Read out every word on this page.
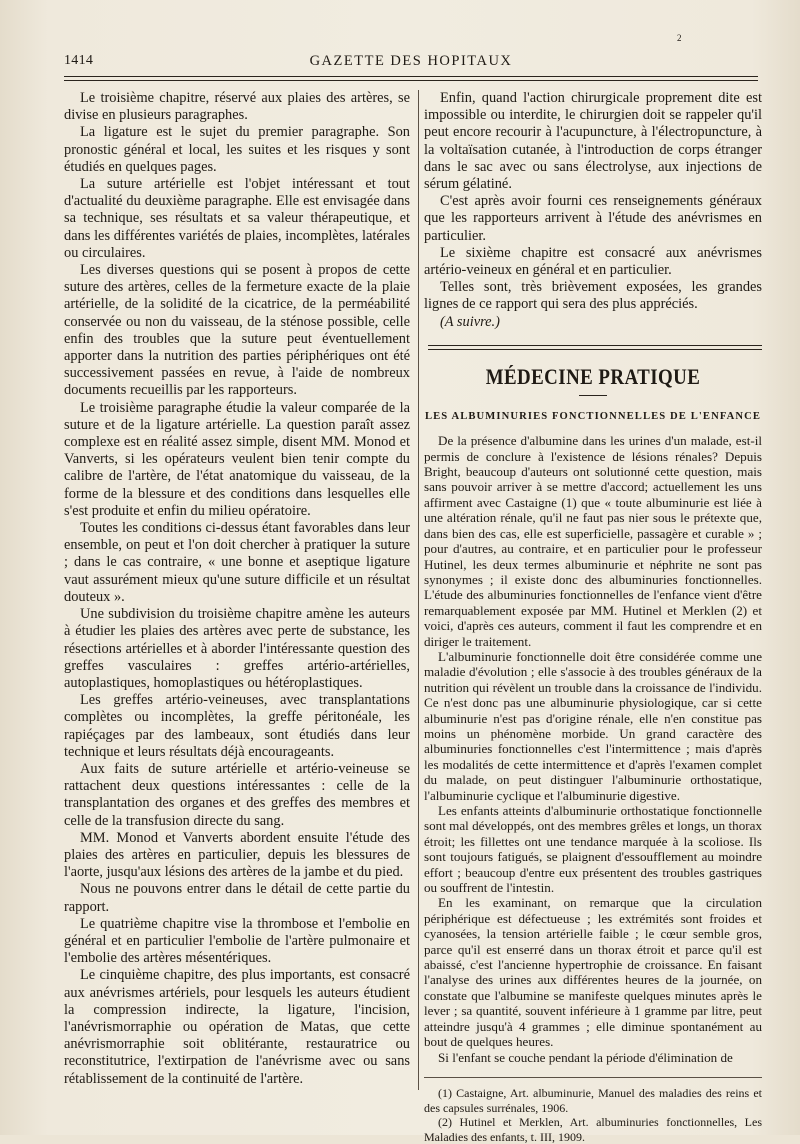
2
1414	GAZETTE DES HOPITAUX

Le troisième chapitre, réservé aux plaies des artères, se divise en plusieurs paragraphes.

La ligature est le sujet du premier paragraphe. Son pronostic général et local, les suites et les risques y sont étudiés en quelques pages.

La suture artérielle est l'objet intéressant et tout d'actualité du deuxième paragraphe. Elle est envisagée dans sa technique, ses résultats et sa valeur thérapeutique, et dans les différentes variétés de plaies, incomplètes, latérales ou circulaires.

Les diverses questions qui se posent à propos de cette suture des artères, celles de la fermeture exacte de la plaie artérielle, de la solidité de la cicatrice, de la perméabilité conservée ou non du vaisseau, de la sténose possible, celle enfin des troubles que la suture peut éventuellement apporter dans la nutrition des parties périphériques ont été successivement passées en revue, à l'aide de nombreux documents recueillis par les rapporteurs.

Le troisième paragraphe étudie la valeur comparée de la suture et de la ligature artérielle. La question paraît assez complexe est en réalité assez simple, disent MM. Monod et Vanverts, si les opérateurs veulent bien tenir compte du calibre de l'artère, de l'état anatomique du vaisseau, de la forme de la blessure et des conditions dans lesquelles elle s'est produite et enfin du milieu opératoire.

Toutes les conditions ci-dessus étant favorables dans leur ensemble, on peut et l'on doit chercher à pratiquer la suture ; dans le cas contraire, « une bonne et aseptique ligature vaut assurément mieux qu'une suture difficile et un résultat douteux ».

Une subdivision du troisième chapitre amène les auteurs à étudier les plaies des artères avec perte de substance, les résections artérielles et à aborder l'intéressante question des greffes vasculaires : greffes artério-artérielles, autoplastiques, homoplastiques ou hétéroplastiques.

Les greffes artério-veineuses, avec transplantations complètes ou incomplètes, la greffe péritonéale, les rapiéçages par des lambeaux, sont étudiés dans leur technique et leurs résultats déjà encourageants.

Aux faits de suture artérielle et artério-veineuse se rattachent deux questions intéressantes : celle de la transplantation des organes et des greffes des membres et celle de la transfusion directe du sang.

MM. Monod et Vanverts abordent ensuite l'étude des plaies des artères en particulier, depuis les blessures de l'aorte, jusqu'aux lésions des artères de la jambe et du pied.

Nous ne pouvons entrer dans le détail de cette partie du rapport.

Le quatrième chapitre vise la thrombose et l'embolie en général et en particulier l'embolie de l'artère pulmonaire et l'embolie des artères mésentériques.

Le cinquième chapitre, des plus importants, est consacré aux anévrismes artériels, pour lesquels les auteurs étudient la compression indirecte, la ligature, l'incision, l'anévrismorraphie ou opération de Matas, que cette anévrismorraphie soit oblitérante, restauratrice ou reconstitutrice, l'extirpation de l'anévrisme avec ou sans rétablissement de la continuité de l'artère.

Enfin, quand l'action chirurgicale proprement dite est impossible ou interdite, le chirurgien doit se rappeler qu'il peut encore recourir à l'acupuncture, à l'électropuncture, à la voltaïsation cutanée, à l'introduction de corps étranger dans le sac avec ou sans électrolyse, aux injections de sérum gélatiné.

C'est après avoir fourni ces renseignements généraux que les rapporteurs arrivent à l'étude des anévrismes en particulier.

Le sixième chapitre est consacré aux anévrismes artério-veineux en général et en particulier.

Telles sont, très brièvement exposées, les grandes lignes de ce rapport qui sera des plus appréciés.

(A suivre.)

MÉDECINE PRATIQUE
LES ALBUMINURIES FONCTIONNELLES DE L'ENFANCE

De la présence d'albumine dans les urines d'un malade, est-il permis de conclure à l'existence de lésions rénales? Depuis Bright, beaucoup d'auteurs ont solutionné cette question, mais sans pouvoir arriver à se mettre d'accord; actuellement les uns affirment avec Castaigne (1) que « toute albuminurie est liée à une altération rénale, qu'il ne faut pas nier sous le prétexte que, dans bien des cas, elle est superficielle, passagère et curable » ; pour d'autres, au contraire, et en particulier pour le professeur Hutinel, les deux termes albuminurie et néphrite ne sont pas synonymes ; il existe donc des albuminuries fonctionnelles. L'étude des albuminuries fonctionnelles de l'enfance vient d'être remarquablement exposée par MM. Hutinel et Merklen (2) et voici, d'après ces auteurs, comment il faut les comprendre et en diriger le traitement.

L'albuminurie fonctionnelle doit être considérée comme une maladie d'évolution ; elle s'associe à des troubles généraux de la nutrition qui révèlent un trouble dans la croissance de l'individu. Ce n'est donc pas une albuminurie physiologique, car si cette albuminurie n'est pas d'origine rénale, elle n'en constitue pas moins un phénomène morbide. Un grand caractère des albuminuries fonctionnelles c'est l'intermittence ; mais d'après les modalités de cette intermittence et d'après l'examen complet du malade, on peut distinguer l'albuminurie orthostatique, l'albuminurie cyclique et l'albuminurie digestive.

Les enfants atteints d'albuminurie orthostatique fonctionnelle sont mal développés, ont des membres grêles et longs, un thorax étroit; les fillettes ont une tendance marquée à la scoliose. Ils sont toujours fatigués, se plaignent d'essoufflement au moindre effort ; beaucoup d'entre eux présentent des troubles gastriques ou souffrent de l'intestin.

En les examinant, on remarque que la circulation périphérique est défectueuse ; les extrémités sont froides et cyanosées, la tension artérielle faible ; le cœur semble gros, parce qu'il est enserré dans un thorax étroit et parce qu'il est abaissé, c'est l'ancienne hypertrophie de croissance. En faisant l'analyse des urines aux différentes heures de la journée, on constate que l'albumine se manifeste quelques minutes après le lever ; sa quantité, souvent inférieure à 1 gramme par litre, peut atteindre jusqu'à 4 grammes ; elle diminue spontanément au bout de quelques heures.

Si l'enfant se couche pendant la période d'élimination de

(1) Castaigne, Art. albuminurie, Manuel des maladies des reins et des capsules surrénales, 1906.

(2) Hutinel et Merklen, Art. albuminuries fonctionnelles, Les Maladies des enfants, t. III, 1909.
